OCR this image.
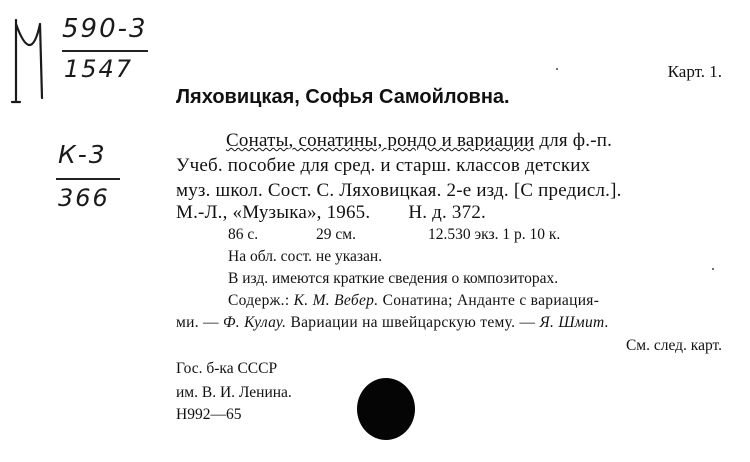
590-3
1547
К-3
366
Карт. 1.
Ляховицкая, Софья Самойловна.
Сонаты, сонатины, рондо и вариации для ф.-п.
Учеб. пособие для сред. и старш. классов детских
муз. школ. Сост. С. Ляховицкая. 2-е изд. [С предисл.].
М.-Л., «Музыка», 1965. Н. д. 372.
86 с.	29 см.	12.530 экз. 1 р. 10 к.
На обл. сост. не указан.
В изд. имеются краткие сведения о композиторах.
Содерж.: К. М. Вебер. Сонатина; Андантe с вариация-
ми. — Ф. Кулау. Вариации на швейцарскую тему. — Я. Шмит.
См. след. карт.
Гос. б-ка СССР
им. В. И. Ленина.
Н992—65
